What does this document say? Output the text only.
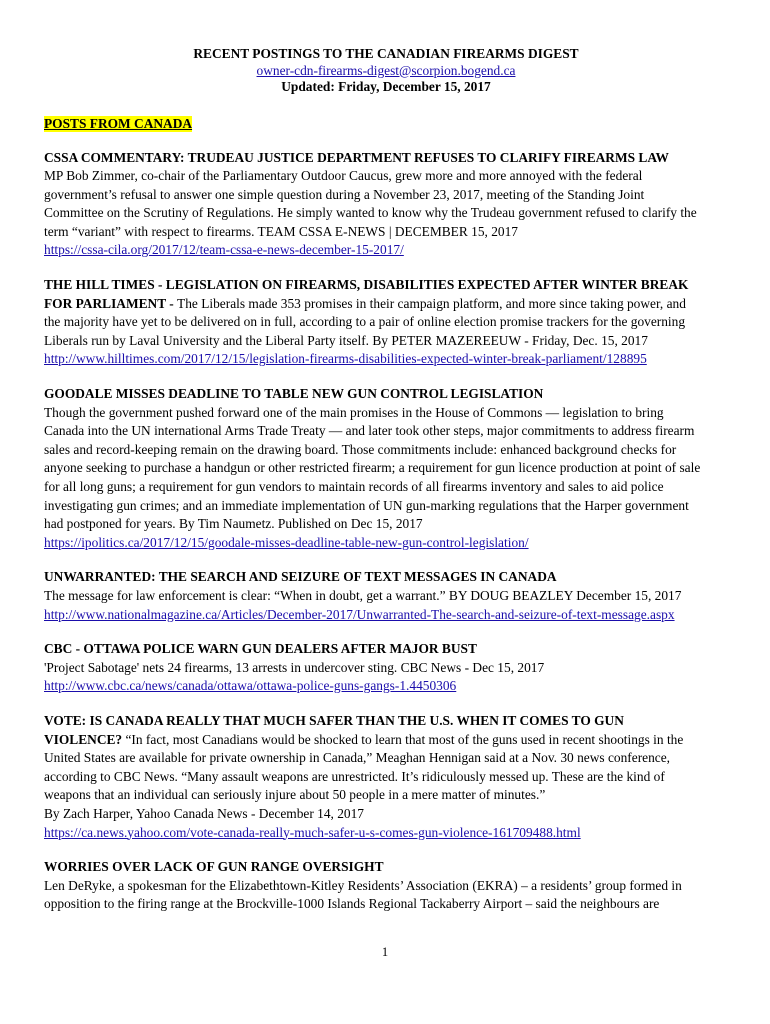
RECENT POSTINGS TO THE CANADIAN FIREARMS DIGEST
owner-cdn-firearms-digest@scorpion.bogend.ca
Updated: Friday, December 15, 2017
POSTS FROM CANADA
CSSA COMMENTARY: TRUDEAU JUSTICE DEPARTMENT REFUSES TO CLARIFY FIREARMS LAW
MP Bob Zimmer, co-chair of the Parliamentary Outdoor Caucus, grew more and more annoyed with the federal
government’s refusal to answer one simple question during a November 23, 2017, meeting of the Standing Joint
Committee on the Scrutiny of Regulations. He simply wanted to know why the Trudeau government refused to clarify the
term “variant” with respect to firearms. TEAM CSSA E-NEWS | DECEMBER 15, 2017
https://cssa-cila.org/2017/12/team-cssa-e-news-december-15-2017/
THE HILL TIMES - LEGISLATION ON FIREARMS, DISABILITIES EXPECTED AFTER WINTER BREAK
FOR PARLIAMENT - The Liberals made 353 promises in their campaign platform, and more since taking power, and
the majority have yet to be delivered on in full, according to a pair of online election promise trackers for the governing
Liberals run by Laval University and the Liberal Party itself. By PETER MAZEREEUW - Friday, Dec. 15, 2017
http://www.hilltimes.com/2017/12/15/legislation-firearms-disabilities-expected-winter-break-parliament/128895
GOODALE MISSES DEADLINE TO TABLE NEW GUN CONTROL LEGISLATION
Though the government pushed forward one of the main promises in the House of Commons — legislation to bring
Canada into the UN international Arms Trade Treaty — and later took other steps, major commitments to address firearm
sales and record-keeping remain on the drawing board. Those commitments include: enhanced background checks for
anyone seeking to purchase a handgun or other restricted firearm; a requirement for gun licence production at point of sale
for all long guns; a requirement for gun vendors to maintain records of all firearms inventory and sales to aid police
investigating gun crimes; and an immediate implementation of UN gun-marking regulations that the Harper government
had postponed for years. By Tim Naumetz. Published on Dec 15, 2017
https://ipolitics.ca/2017/12/15/goodale-misses-deadline-table-new-gun-control-legislation/
UNWARRANTED: THE SEARCH AND SEIZURE OF TEXT MESSAGES IN CANADA
The message for law enforcement is clear: “When in doubt, get a warrant.” BY DOUG BEAZLEY December 15, 2017
http://www.nationalmagazine.ca/Articles/December-2017/Unwarranted-The-search-and-seizure-of-text-message.aspx
CBC - OTTAWA POLICE WARN GUN DEALERS AFTER MAJOR BUST
'Project Sabotage' nets 24 firearms, 13 arrests in undercover sting. CBC News - Dec 15, 2017
http://www.cbc.ca/news/canada/ottawa/ottawa-police-guns-gangs-1.4450306
VOTE: IS CANADA REALLY THAT MUCH SAFER THAN THE U.S. WHEN IT COMES TO GUN
VIOLENCE? “In fact, most Canadians would be shocked to learn that most of the guns used in recent shootings in the
United States are available for private ownership in Canada,” Meaghan Hennigan said at a Nov. 30 news conference,
according to CBC News. “Many assault weapons are unrestricted. It’s ridiculously messed up. These are the kind of
weapons that an individual can seriously injure about 50 people in a mere matter of minutes.”
By Zach Harper, Yahoo Canada News - December 14, 2017
https://ca.news.yahoo.com/vote-canada-really-much-safer-u-s-comes-gun-violence-161709488.html
WORRIES OVER LACK OF GUN RANGE OVERSIGHT
Len DeRyke, a spokesman for the Elizabethtown-Kitley Residents’ Association (EKRA) – a residents’ group formed in
opposition to the firing range at the Brockville-1000 Islands Regional Tackaberry Airport – said the neighbours are
1
